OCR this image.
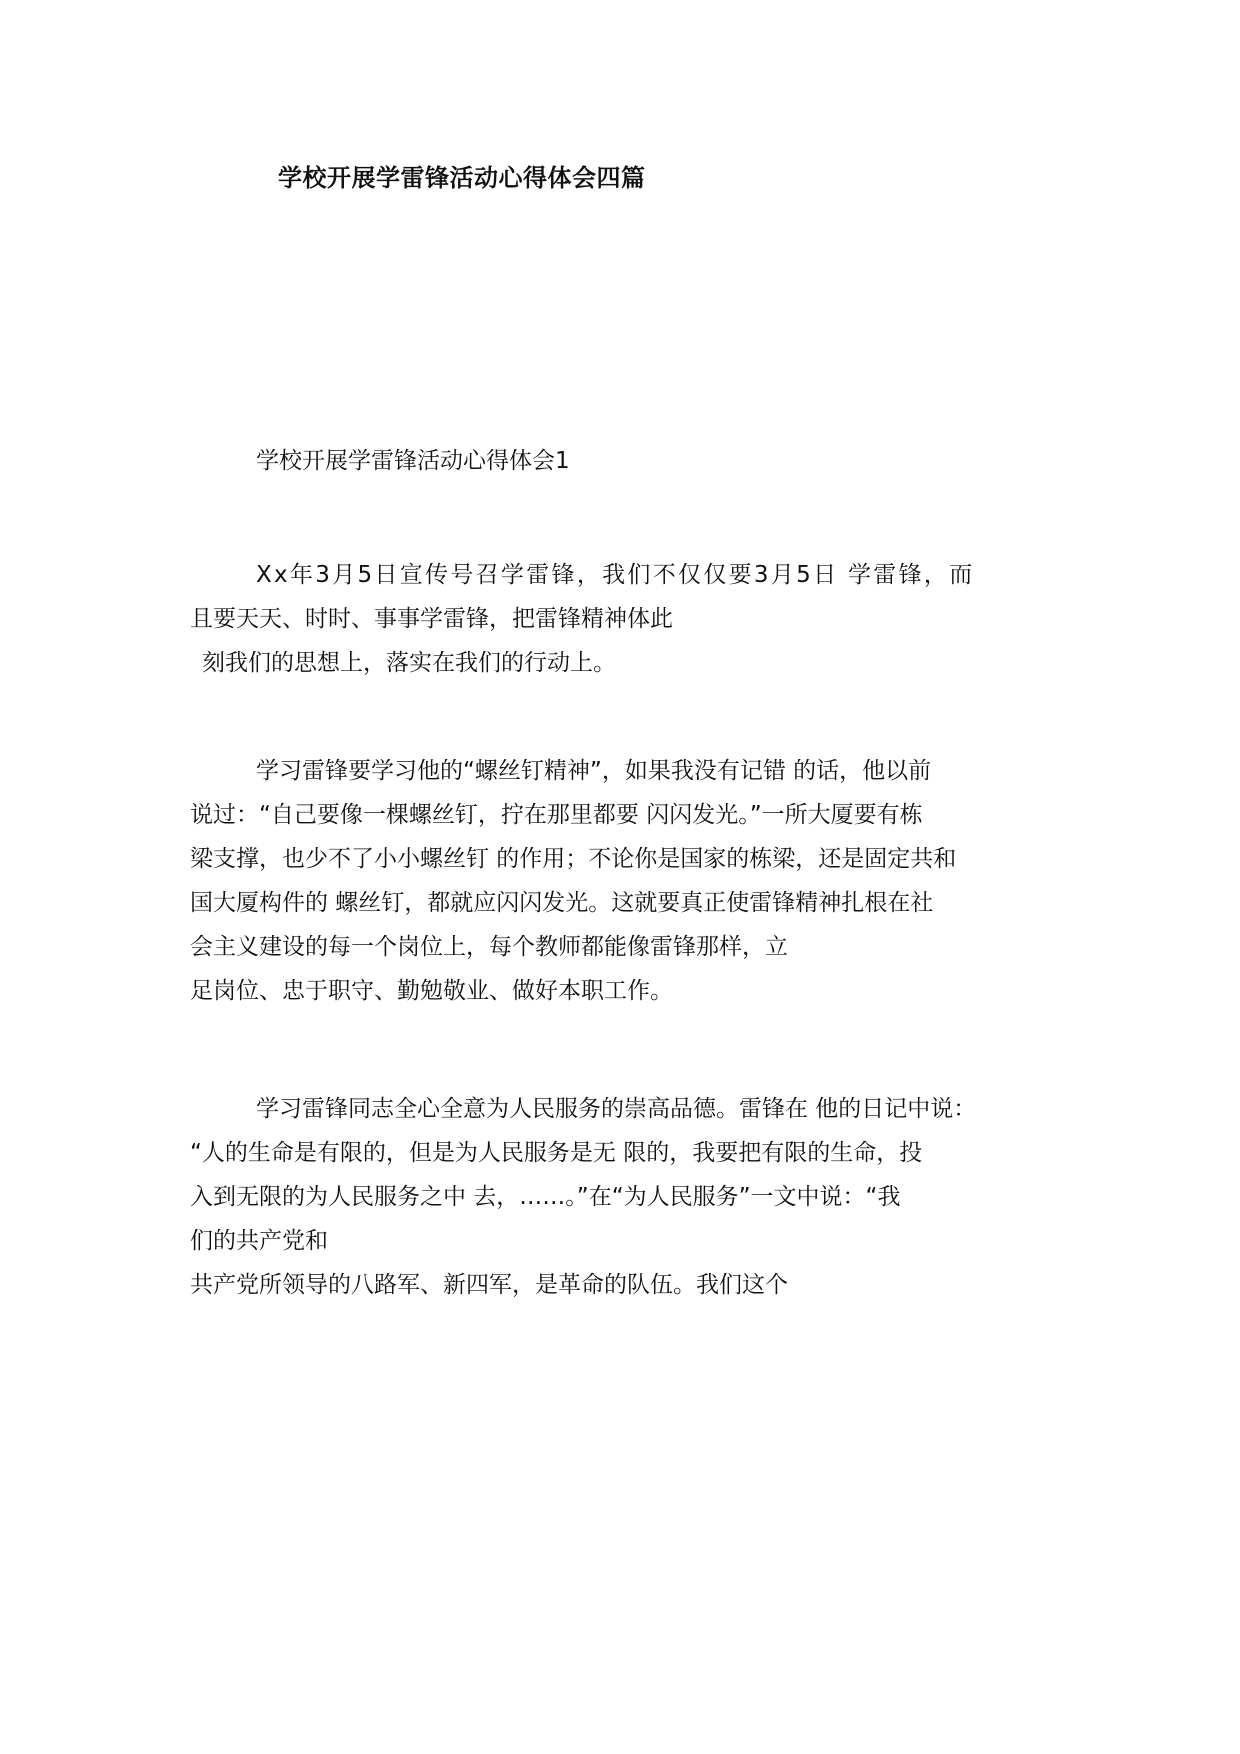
学校开展学雷锋活动心得体会四篇
学校开展学雷锋活动心得体会1
Xx年3月5日宣传号召学雷锋，我们不仅仅要3月5日 学雷锋，而
且要天天、时时、事事学雷锋，把雷锋精神体此
刻我们的思想上，落实在我们的行动上。
学习雷锋要学习他的“螺丝钉精神”，如果我没有记错 的话，他以前
说过：“自己要像一棵螺丝钉，拧在那里都要 闪闪发光。”一所大厦要有栋
梁支撑，也少不了小小螺丝钉 的作用；不论你是国家的栋梁，还是固定共和
国大厦构件的 螺丝钉，都就应闪闪发光。这就要真正使雷锋精神扎根在社
会主义建设的每一个岗位上，每个教师都能像雷锋那样，立
足岗位、忠于职守、勤勉敬业、做好本职工作。
学习雷锋同志全心全意为人民服务的崇高品德。雷锋在 他的日记中说：
“人的生命是有限的，但是为人民服务是无 限的，我要把有限的生命，投
入到无限的为人民服务之中 去，……。”在“为人民服务”一文中说：“我
们的共产党和
共产党所领导的八路军、新四军，是革命的队伍。我们这个
